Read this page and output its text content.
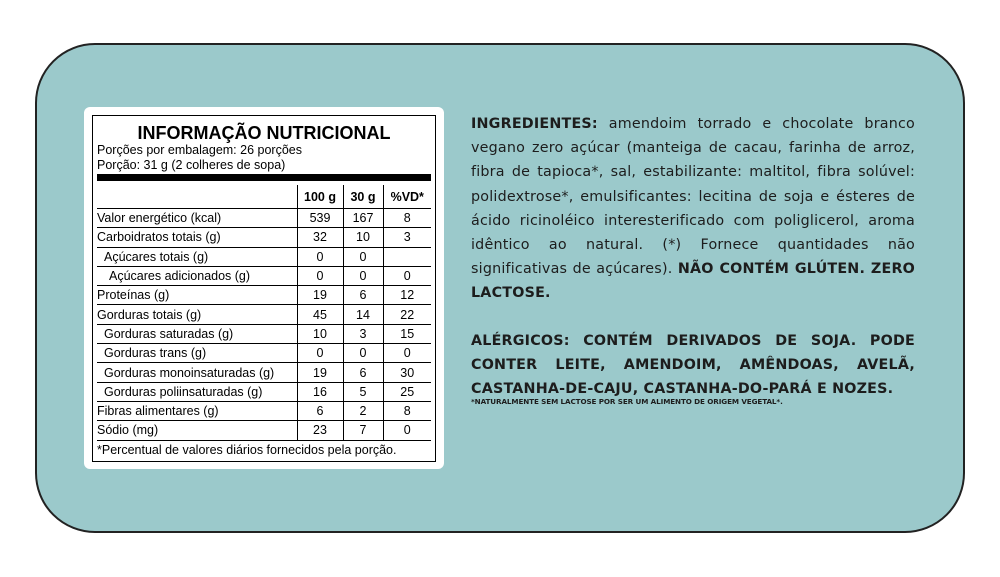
INFORMAÇÃO NUTRICIONAL
Porções por embalagem: 26 porções
Porção: 31 g (2 colheres de sopa)
	100 g	30 g	%VD*
Valor energético (kcal)	539	167	8
Carboidratos totais (g)	32	10	3
Açúcares totais (g)	0	0	
Açúcares adicionados (g)	0	0	0
Proteínas (g)	19	6	12
Gorduras totais (g)	45	14	22
Gorduras saturadas (g)	10	3	15
Gorduras trans (g)	0	0	0
Gorduras monoinsaturadas (g)	19	6	30
Gorduras poliinsaturadas (g)	16	5	25
Fibras alimentares (g)	6	2	8
Sódio (mg)	23	7	0
*Percentual de valores diários fornecidos pela porção.

INGREDIENTES: amendoim torrado e chocolate branco vegano zero açúcar (manteiga de cacau, farinha de arroz, fibra de tapioca*, sal, estabilizante: maltitol, fibra solúvel: polidextrose*, emulsificantes: lecitina de soja e ésteres de ácido ricinoléico interesterificado com poliglicerol, aroma idêntico ao natural. (*) Fornece quantidades não significativas de açúcares). NÃO CONTÉM GLÚTEN. ZERO LACTOSE.

ALÉRGICOS: CONTÉM DERIVADOS DE SOJA. PODE CONTER LEITE, AMENDOIM, AMÊNDOAS, AVELÃ, CASTANHA-DE-CAJU, CASTANHA-DO-PARÁ E NOZES.

*NATURALMENTE SEM LACTOSE POR SER UM ALIMENTO DE ORIGEM VEGETAL*.
